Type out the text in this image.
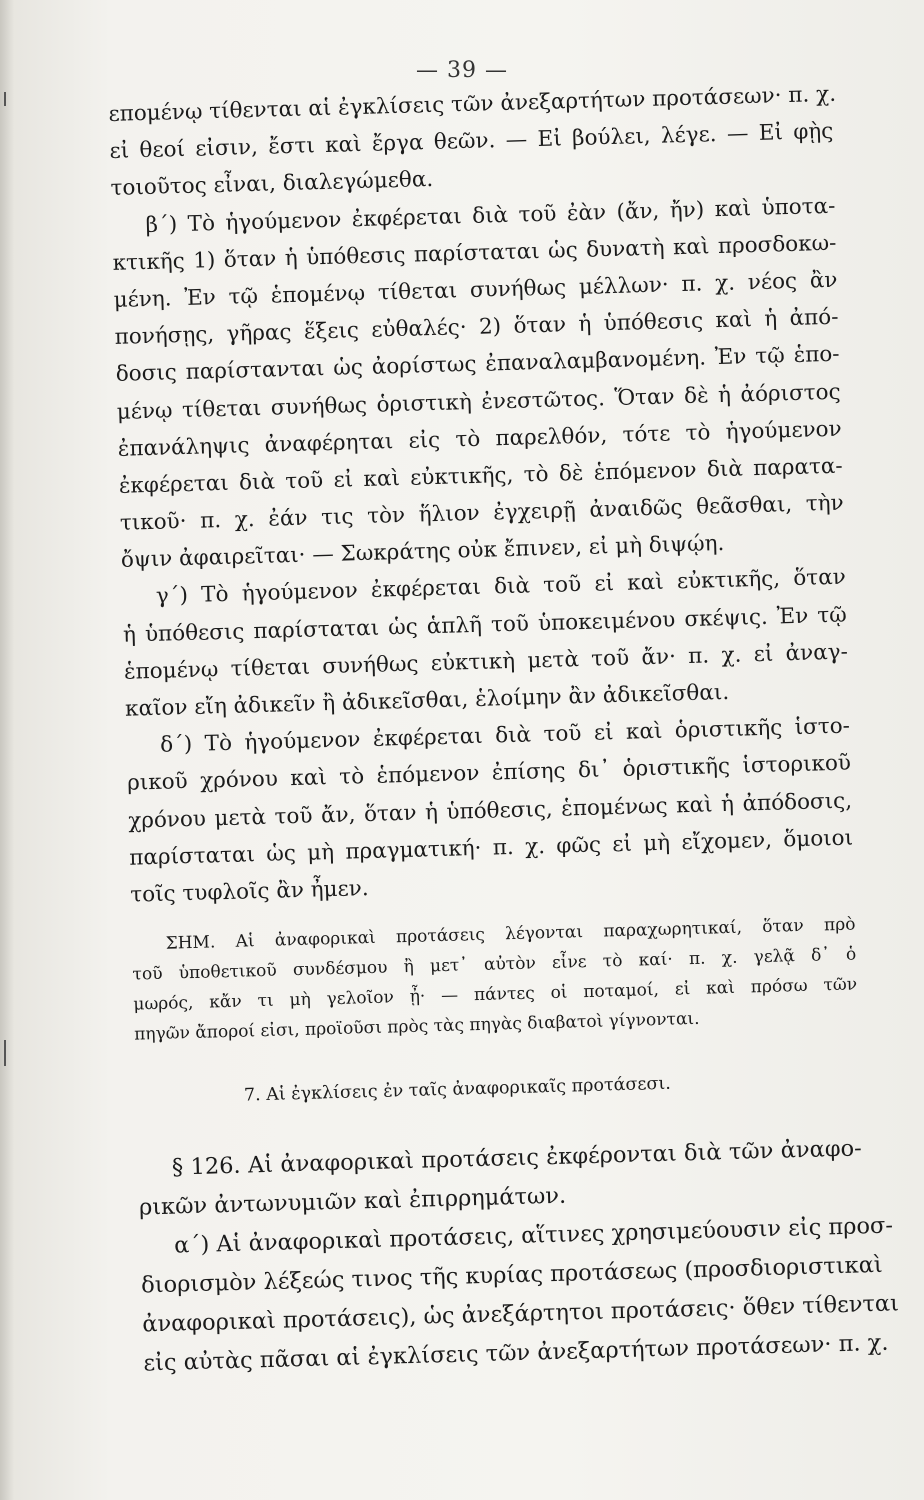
— 39 —
επομένῳ τίθενται αἱ ἐγκλίσεις τῶν ἀνεξαρτήτων προτάσεων· π. χ.
εἰ θεοί εἰσιν, ἔστι καὶ ἔργα θεῶν. — Εἰ βούλει, λέγε. — Εἰ φῂς
τοιοῦτος εἶναι, διαλεγώμεθα.
β΄) Τὸ ἡγούμενον ἐκφέρεται διὰ τοῦ ἐὰν (ἄν, ἤν) καὶ ὑποτα-
κτικῆς 1) ὅταν ἡ ὑπόθεσις παρίσταται ὡς δυνατὴ καὶ προσδοκω-
μένη. Ἐν τῷ ἑπομένῳ τίθεται συνήθως μέλλων· π. χ. νέος ἂν
πονήσῃς, γῆρας ἕξεις εὐθαλές· 2) ὅταν ἡ ὑπόθεσις καὶ ἡ ἀπό-
δοσις παρίστανται ὡς ἀορίστως ἐπαναλαμβανομένη. Ἐν τῷ ἑπο-
μένῳ τίθεται συνήθως ὁριστικὴ ἐνεστῶτος. Ὅταν δὲ ἡ ἀόριστος
ἐπανάληψις ἀναφέρηται εἰς τὸ παρελθόν, τότε τὸ ἡγούμενον
ἐκφέρεται διὰ τοῦ εἰ καὶ εὐκτικῆς, τὸ δὲ ἑπόμενον διὰ παρατα-
τικοῦ· π. χ. ἐάν τις τὸν ἥλιον ἐγχειρῇ ἀναιδῶς θεᾶσθαι, τὴν
ὄψιν ἀφαιρεῖται· — Σωκράτης οὐκ ἔπινεν, εἰ μὴ διψῴη.
γ΄) Τὸ ἡγούμενον ἐκφέρεται διὰ τοῦ εἰ καὶ εὐκτικῆς, ὅταν
ἡ ὑπόθεσις παρίσταται ὡς ἁπλῆ τοῦ ὑποκειμένου σκέψις. Ἐν τῷ
ἑπομένῳ τίθεται συνήθως εὐκτικὴ μετὰ τοῦ ἄν· π. χ. εἰ ἀναγ-
καῖον εἴη ἀδικεῖν ἢ ἀδικεῖσθαι, ἑλοίμην ἂν ἀδικεῖσθαι.
δ΄) Τὸ ἡγούμενον ἐκφέρεται διὰ τοῦ εἰ καὶ ὁριστικῆς ἱστο-
ρικοῦ χρόνου καὶ τὸ ἑπόμενον ἐπίσης δι᾽ ὁριστικῆς ἱστορικοῦ
χρόνου μετὰ τοῦ ἄν, ὅταν ἡ ὑπόθεσις, ἑπομένως καὶ ἡ ἀπόδοσις,
παρίσταται ὡς μὴ πραγματική· π. χ. φῶς εἰ μὴ εἴχομεν, ὅμοιοι
τοῖς τυφλοῖς ἂν ἦμεν.
ΣΗΜ. Αἱ ἀναφορικαὶ προτάσεις λέγονται παραχωρητικαί, ὅταν πρὸ
τοῦ ὑποθετικοῦ συνδέσμου ἢ μετ᾽ αὐτὸν εἶνε τὸ καί· π. χ. γελᾷ δ᾽ ὁ
μωρός, κἄν τι μὴ γελοῖον ᾖ· — πάντες οἱ ποταμοί, εἰ καὶ πρόσω τῶν
πηγῶν ἄποροί εἰσι, προϊοῦσι πρὸς τὰς πηγὰς διαβατοὶ γίγνονται.
7. Αἱ ἐγκλίσεις ἐν ταῖς ἀναφορικαῖς προτάσεσι.
§ 126. Αἱ ἀναφορικαὶ προτάσεις ἐκφέρονται διὰ τῶν ἀναφο-
ρικῶν ἀντωνυμιῶν καὶ ἐπιρρημάτων.
α΄) Αἱ ἀναφορικαὶ προτάσεις, αἵτινες χρησιμεύουσιν εἰς προσ-
διορισμὸν λέξεώς τινος τῆς κυρίας προτάσεως (προσδιοριστικαὶ
ἀναφορικαὶ προτάσεις), ὡς ἀνεξάρτητοι προτάσεις· ὅθεν τίθενται
εἰς αὐτὰς πᾶσαι αἱ ἐγκλίσεις τῶν ἀνεξαρτήτων προτάσεων· π. χ.
